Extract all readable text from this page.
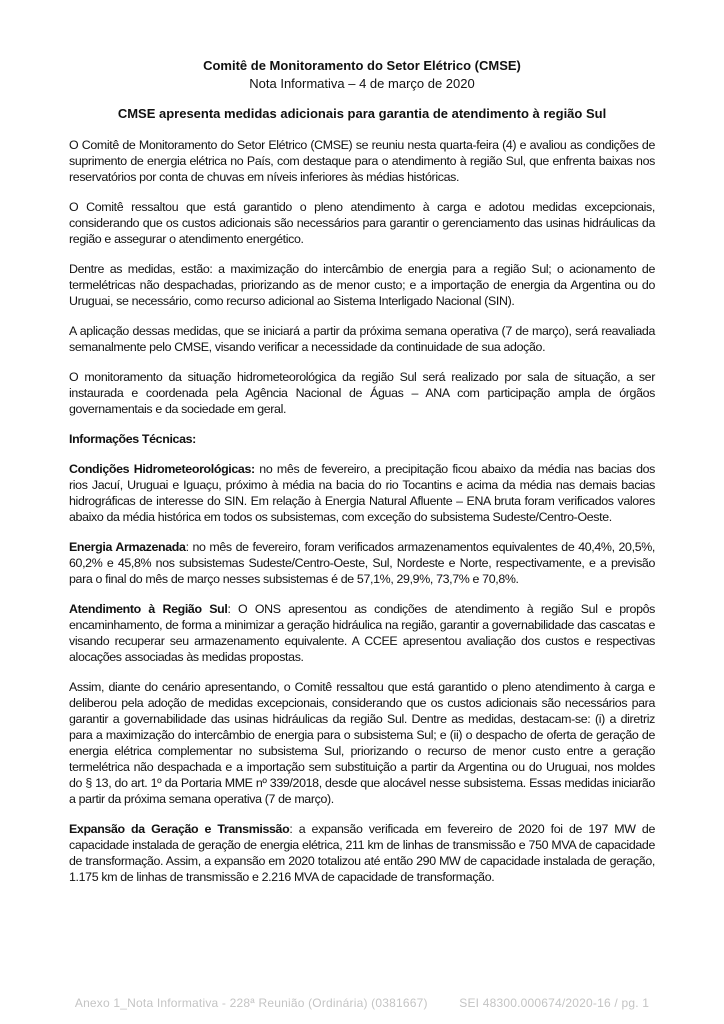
Comitê de Monitoramento do Setor Elétrico (CMSE)
Nota Informativa – 4 de março de 2020
CMSE apresenta medidas adicionais para garantia de atendimento à região Sul

O Comitê de Monitoramento do Setor Elétrico (CMSE) se reuniu nesta quarta-feira (4) e avaliou as condições de suprimento de energia elétrica no País, com destaque para o atendimento à região Sul, que enfrenta baixas nos reservatórios por conta de chuvas em níveis inferiores às médias históricas.

O Comitê ressaltou que está garantido o pleno atendimento à carga e adotou medidas excepcionais, considerando que os custos adicionais são necessários para garantir o gerenciamento das usinas hidráulicas da região e assegurar o atendimento energético.

Dentre as medidas, estão: a maximização do intercâmbio de energia para a região Sul; o acionamento de termelétricas não despachadas, priorizando as de menor custo; e a importação de energia da Argentina ou do Uruguai, se necessário, como recurso adicional ao Sistema Interligado Nacional (SIN).

A aplicação dessas medidas, que se iniciará a partir da próxima semana operativa (7 de março), será reavaliada semanalmente pelo CMSE, visando verificar a necessidade da continuidade de sua adoção.

O monitoramento da situação hidrometeorológica da região Sul será realizado por sala de situação, a ser instaurada e coordenada pela Agência Nacional de Águas – ANA com participação ampla de órgãos governamentais e da sociedade em geral.

Informações Técnicas:

Condições Hidrometeorológicas: no mês de fevereiro, a precipitação ficou abaixo da média nas bacias dos rios Jacuí, Uruguai e Iguaçu, próximo à média na bacia do rio Tocantins e acima da média nas demais bacias hidrográficas de interesse do SIN. Em relação à Energia Natural Afluente – ENA bruta foram verificados valores abaixo da média histórica em todos os subsistemas, com exceção do subsistema Sudeste/Centro-Oeste.

Energia Armazenada: no mês de fevereiro, foram verificados armazenamentos equivalentes de 40,4%, 20,5%, 60,2% e 45,8% nos subsistemas Sudeste/Centro-Oeste, Sul, Nordeste e Norte, respectivamente, e a previsão para o final do mês de março nesses subsistemas é de 57,1%, 29,9%, 73,7% e 70,8%.

Atendimento à Região Sul: O ONS apresentou as condições de atendimento à região Sul e propôs encaminhamento, de forma a minimizar a geração hidráulica na região, garantir a governabilidade das cascatas e visando recuperar seu armazenamento equivalente. A CCEE apresentou avaliação dos custos e respectivas alocações associadas às medidas propostas.

Assim, diante do cenário apresentando, o Comitê ressaltou que está garantido o pleno atendimento à carga e deliberou pela adoção de medidas excepcionais, considerando que os custos adicionais são necessários para garantir a governabilidade das usinas hidráulicas da região Sul. Dentre as medidas, destacam-se: (i) a diretriz para a maximização do intercâmbio de energia para o subsistema Sul; e (ii) o despacho de oferta de geração de energia elétrica complementar no subsistema Sul, priorizando o recurso de menor custo entre a geração termelétrica não despachada e a importação sem substituição a partir da Argentina ou do Uruguai, nos moldes do § 13, do art. 1º da Portaria MME nº 339/2018, desde que alocável nesse subsistema. Essas medidas iniciarão a partir da próxima semana operativa (7 de março).

Expansão da Geração e Transmissão: a expansão verificada em fevereiro de 2020 foi de 197 MW de capacidade instalada de geração de energia elétrica, 211 km de linhas de transmissão e 750 MVA de capacidade de transformação. Assim, a expansão em 2020 totalizou até então 290 MW de capacidade instalada de geração, 1.175 km de linhas de transmissão e 2.216 MVA de capacidade de transformação.

Anexo 1_Nota Informativa - 228ª Reunião (Ordinária) (0381667)	SEI 48300.000674/2020-16 / pg. 1
